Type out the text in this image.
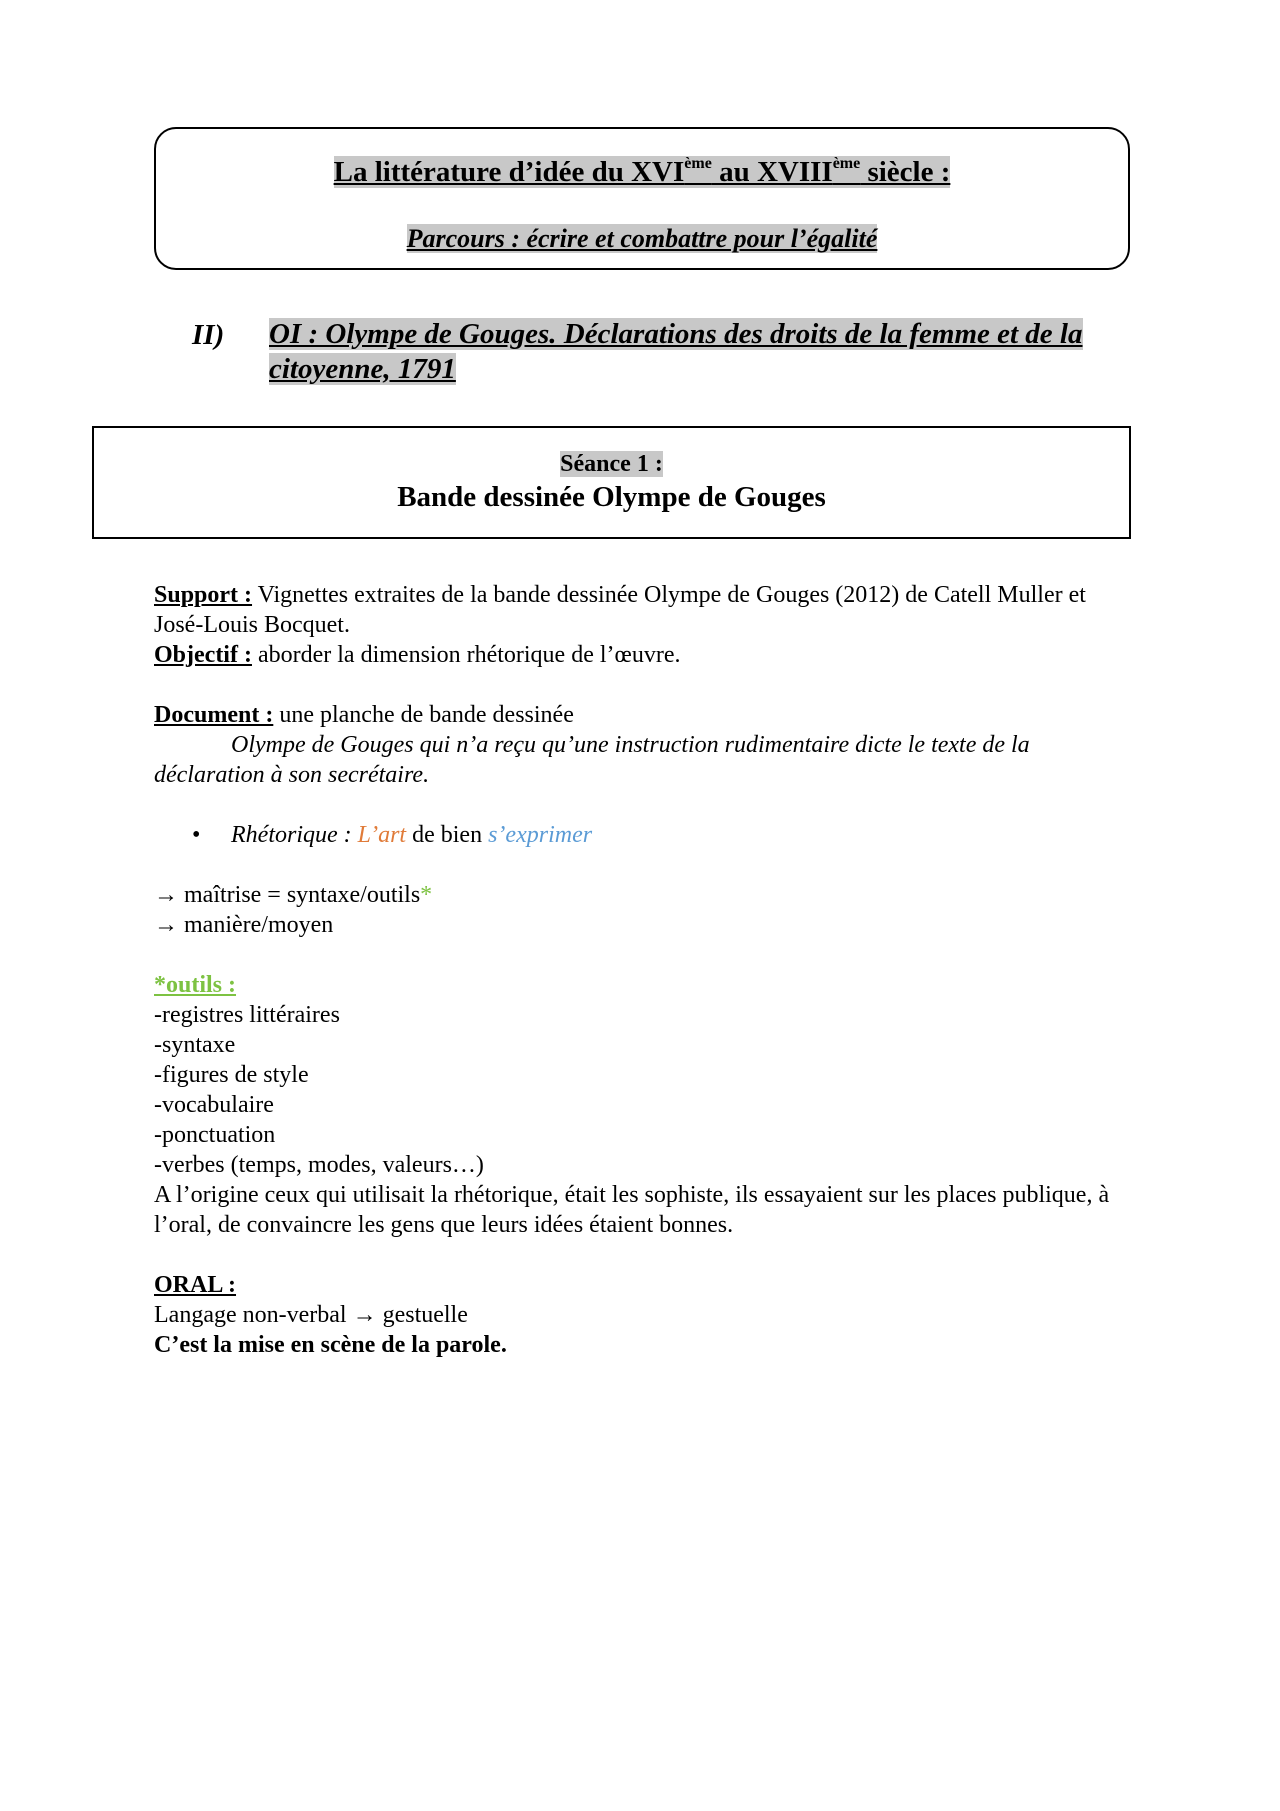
La littérature d’idée du XVIème au XVIIIème siècle :
Parcours : écrire et combattre pour l’égalité
II) OI : Olympe de Gouges. Déclarations des droits de la femme et de la citoyenne, 1791
Séance 1 :
Bande dessinée Olympe de Gouges

Support : Vignettes extraites de la bande dessinée Olympe de Gouges (2012) de Catell Muller et José-Louis Bocquet.

Objectif : aborder la dimension rhétorique de l’œuvre.

Document : une planche de bande dessinée

Olympe de Gouges qui n’a reçu qu’une instruction rudimentaire dicte le texte de la déclaration à son secrétaire.

• Rhétorique : L’art de bien s’exprimer

→ maîtrise = syntaxe/outils*

→ manière/moyen

*outils :

-registres littéraires

-syntaxe

-figures de style

-vocabulaire

-ponctuation

-verbes (temps, modes, valeurs…)

A l’origine ceux qui utilisait la rhétorique, était les sophiste, ils essayaient sur les places publique, à l’oral, de convaincre les gens que leurs idées étaient bonnes.

ORAL :

Langage non-verbal → gestuelle

C’est la mise en scène de la parole.
